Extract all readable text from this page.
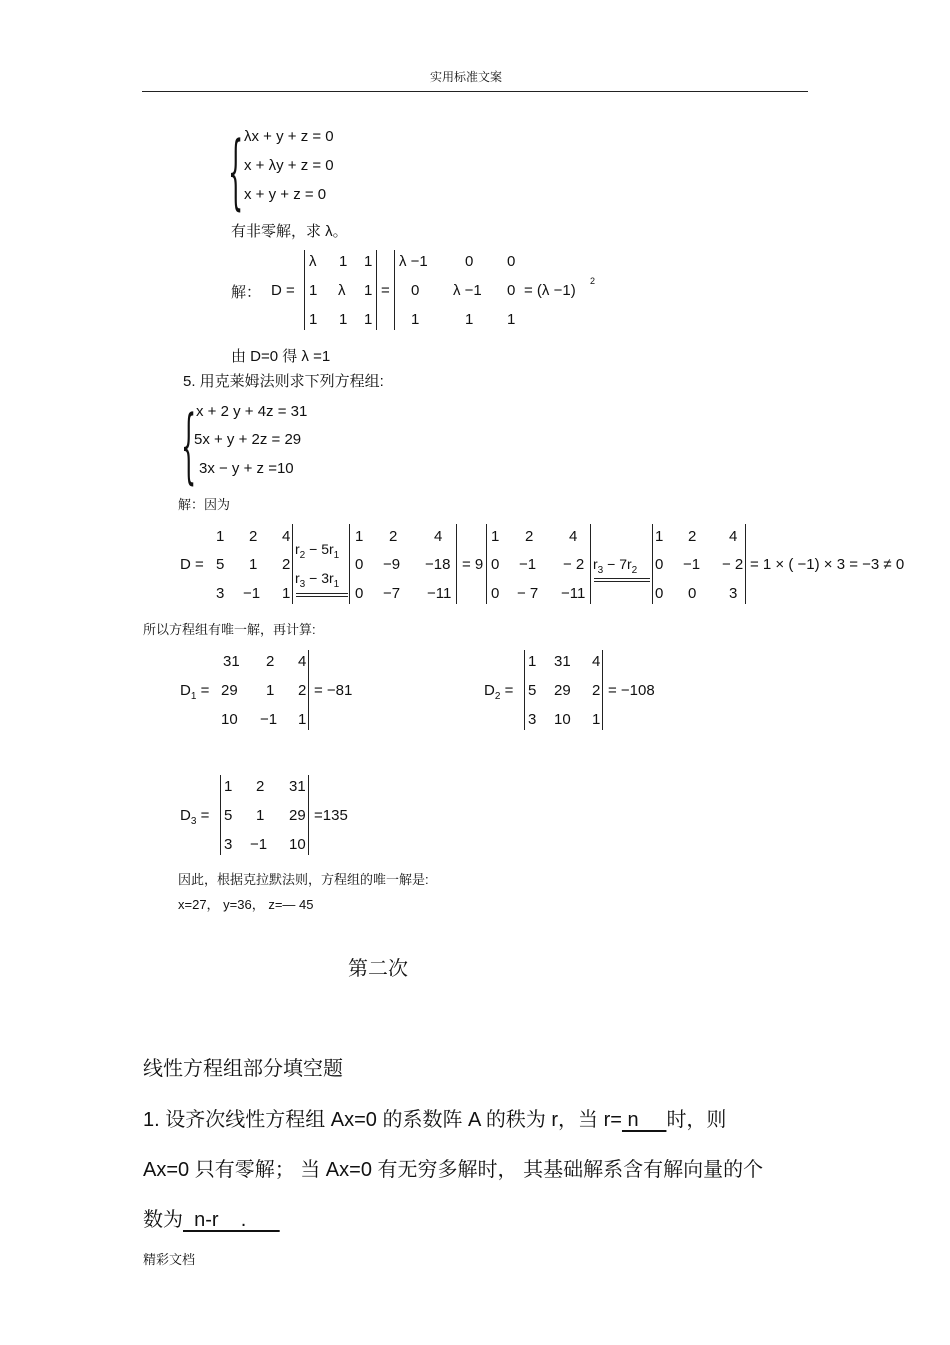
实用标准文案
{ λx + y + z = 0
x + λy + z = 0
x + y + z = 0
有非零解，求 λ。
解： D =
λ 1 1
1 λ 1
1 1 1
=
λ −1 0 0
0 λ −1 0
1	1 1
= (λ −1)
2
由 D=0 得 λ =1
5. 用克莱姆法则求下列方程组:
{ x + 2 y + 4z = 31
5x + y + 2z = 29
3x − y + z =10
解：因为
D =
1 2 4
5 1 2
3 −1 1
$r_2 - 5r_1$
$r_3 - 3r_1$
1 2 4
0 −9 −18
0 −7 −11
= 9
1 2 4
0 −1 − 2
0 − 7 −11
$r_3 - 7r_2$
1 2 4
0 −1 − 2
0 0 3
= 1 × ( −1) × 3 = −3 ≠ 0
所以方程组有唯一解，再计算:
$D_1$ =
31 2 4
29 1 2
10 −1 1
= −81	$D_2$ =
1 31 4
5 29 2
3 10 1
= −108
$D_3$ =
1 2 31
5 1 29
3 −1 10
=135
因此，根据克拉默法则，方程组的唯一解是:
x=27， y=36， z=— 45
第二次
线性方程组部分填空题
1. 设齐次线性方程组 Ax=0 的系数阵 A 的秩为 r，当 r= n     时，则
Ax=0 只有零解； 当 Ax=0 有无穷多解时， 其基础解系含有解向量的个
数为  n-r    .
精彩文档
